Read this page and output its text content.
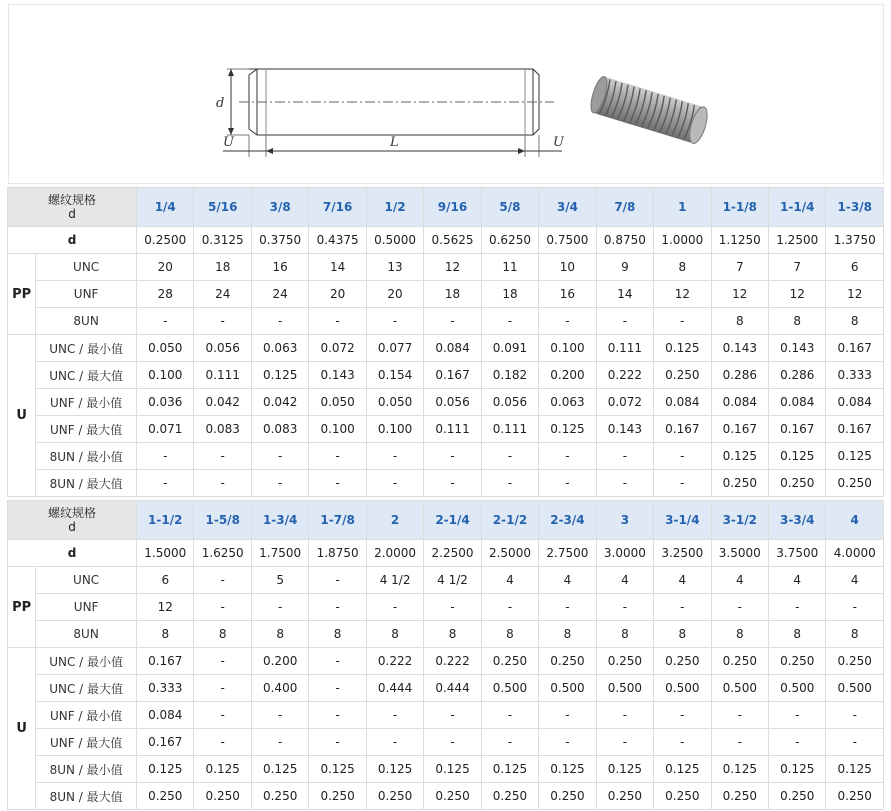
d
U	L	U
螺纹规格
d		1/4	5/16	3/8	7/16	1/2	9/16	5/8	3/4	7/8	1	1-1/8	1-1/4	1-3/8
d		0.2500	0.3125	0.3750	0.4375	0.5000	0.5625	0.6250	0.7500	0.8750	1.0000	1.1250	1.2500	1.3750
PP	UNC	20	18	16	14	13	12	11	10	9	8	7	7	6
	UNF	28	24	24	20	20	18	18	16	14	12	12	12	12
	8UN	-	-	-	-	-	-	-	-	-	-	8	8	8
U	UNC / 最小值	0.050	0.056	0.063	0.072	0.077	0.084	0.091	0.100	0.111	0.125	0.143	0.143	0.167
	UNC / 最大值	0.100	0.111	0.125	0.143	0.154	0.167	0.182	0.200	0.222	0.250	0.286	0.286	0.333
	UNF / 最小值	0.036	0.042	0.042	0.050	0.050	0.056	0.056	0.063	0.072	0.084	0.084	0.084	0.084
	UNF / 最大值	0.071	0.083	0.083	0.100	0.100	0.111	0.111	0.125	0.143	0.167	0.167	0.167	0.167
	8UN / 最小值	-	-	-	-	-	-	-	-	-	-	0.125	0.125	0.125
	8UN / 最大值	-	-	-	-	-	-	-	-	-	-	0.250	0.250	0.250
螺纹规格
d		1-1/2	1-5/8	1-3/4	1-7/8	2	2-1/4	2-1/2	2-3/4	3	3-1/4	3-1/2	3-3/4	4
d		1.5000	1.6250	1.7500	1.8750	2.0000	2.2500	2.5000	2.7500	3.0000	3.2500	3.5000	3.7500	4.0000
PP	UNC	6	-	5	-	4 1/2	4 1/2	4	4	4	4	4	4	4
	UNF	12	-	-	-	-	-	-	-	-	-	-	-	-
	8UN	8	8	8	8	8	8	8	8	8	8	8	8	8
U	UNC / 最小值	0.167	-	0.200	-	0.222	0.222	0.250	0.250	0.250	0.250	0.250	0.250	0.250
	UNC / 最大值	0.333	-	0.400	-	0.444	0.444	0.500	0.500	0.500	0.500	0.500	0.500	0.500
	UNF / 最小值	0.084	-	-	-	-	-	-	-	-	-	-	-	-
	UNF / 最大值	0.167	-	-	-	-	-	-	-	-	-	-	-	-
	8UN / 最小值	0.125	0.125	0.125	0.125	0.125	0.125	0.125	0.125	0.125	0.125	0.125	0.125	0.125
	8UN / 最大值	0.250	0.250	0.250	0.250	0.250	0.250	0.250	0.250	0.250	0.250	0.250	0.250	0.250
